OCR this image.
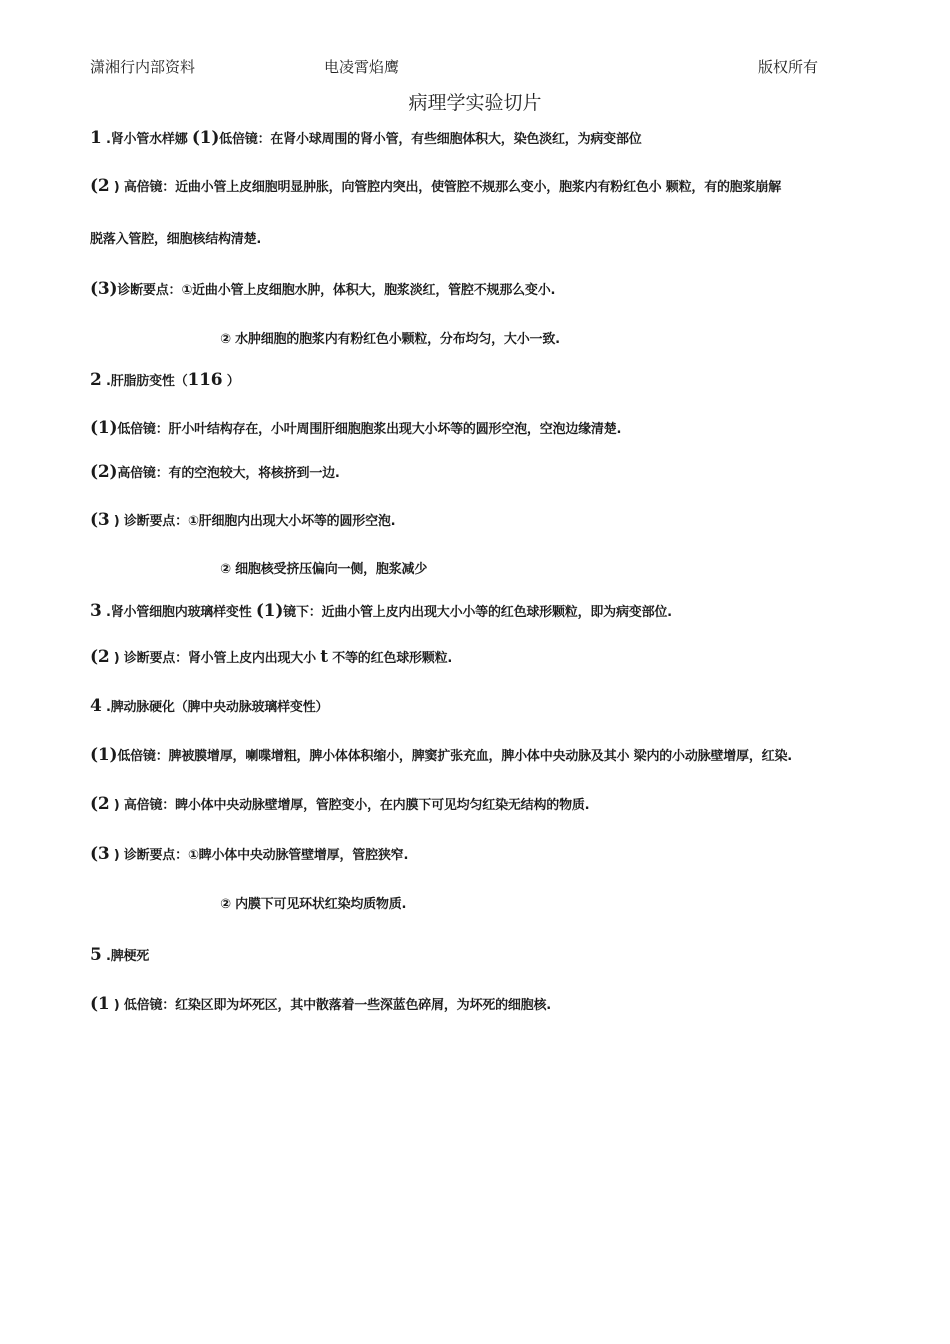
潇湘行内部资料	电凌霄焰鹰	版权所有
病理学实验切片
1 .肾小管水样娜 (1)低倍镜：在肾小球周围的肾小管，有些细胞体积大，染色淡红，为病变部位
(2 ) 高倍镜：近曲小管上皮细胞明显肿胀，向管腔内突出，使管腔不规那么变小，胞浆内有粉红色小 颗粒，有的胞浆崩解
脱落入管腔，细胞核结构清楚.
(3)诊断要点：①近曲小管上皮细胞水肿，体积大，胞浆淡红，管腔不规那么变小.
② 水肿细胞的胞浆内有粉红色小颗粒，分布均匀，大小一致.
2 .肝脂肪变性（116 ）
(1)低倍镜：肝小叶结构存在，小叶周围肝细胞胞浆出现大小坏等的圆形空泡，空泡边缘清楚.
(2)高倍镜：有的空泡较大，将核挤到一边.
(3 ) 诊断要点：①肝细胞内出现大小坏等的圆形空泡.
② 细胞核受挤压偏向一侧，胞浆减少
3 .肾小管细胞内玻璃样变性 (1)镜下：近曲小管上皮内出现大小小等的红色球形颗粒，即为病变部位.
(2 ) 诊断要点：肾小管上皮内出现大小 t 不等的红色球形颗粒.
4 .脾动脉硬化（脾中央动脉玻璃样变性）
(1)低倍镜：脾被膜增厚，喇喋增粗，脾小体体积缩小，脾窦扩张充血，脾小体中央动脉及其小 梁内的小动脉壁增厚，红染.
(2 ) 高倍镜：睥小体中央动脉壁增厚，管腔变小，在内膜下可见均匀红染无结构的物质.
(3 ) 诊断要点：①睥小体中央动脉管壁增厚，管腔狭窄.
② 内膜下可见环状红染均质物质.
5 .脾梗死
(1 ) 低倍镜：红染区即为坏死区，其中散落着一些深蓝色碎屑，为坏死的细胞核.
